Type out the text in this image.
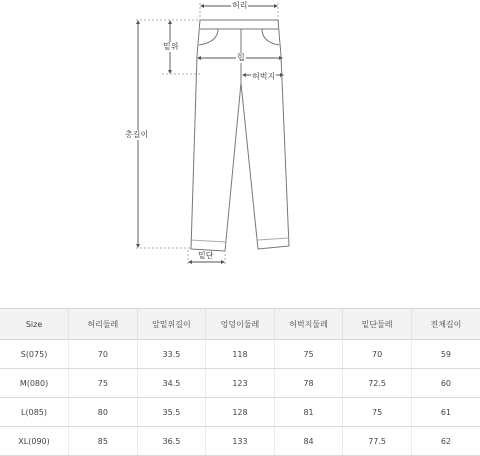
허리
밑위
힙
허벅지
총길이
밑단
Size	허리둘레	앞밑위길이	엉덩이둘레	허벅지둘레	밑단둘레	전체길이
S(075)	70	33.5	118	75	70	59
M(080)	75	34.5	123	78	72.5	60
L(085)	80	35.5	128	81	75	61
XL(090)	85	36.5	133	84	77.5	62
